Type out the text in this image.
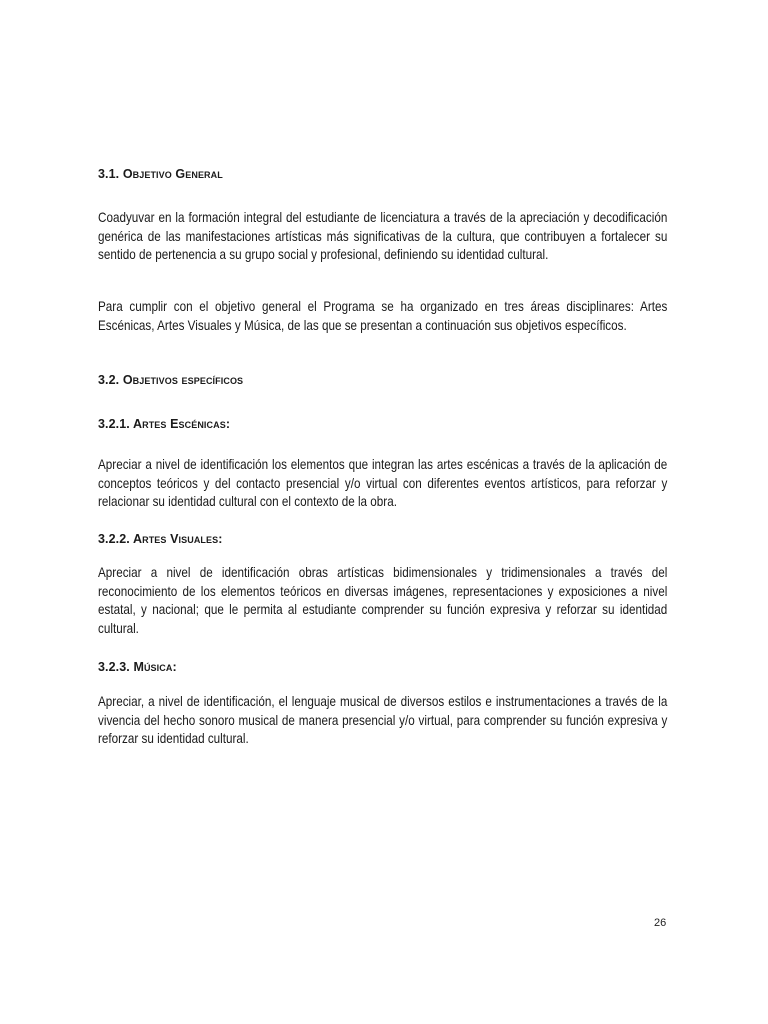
3.1. Objetivo General
Coadyuvar en la formación integral del estudiante de licenciatura a través de la apreciación y decodificación genérica de las manifestaciones artísticas más significativas de la cultura, que contribuyen a fortalecer su sentido de pertenencia a su grupo social y profesional, definiendo su identidad cultural.
Para cumplir con el objetivo general el Programa se ha organizado en tres áreas disciplinares: Artes Escénicas, Artes Visuales y Música, de las que se presentan a continuación sus objetivos específicos.
3.2. Objetivos específicos
3.2.1. Artes Escénicas:
Apreciar a nivel de identificación los elementos que integran las artes escénicas a través de la aplicación de conceptos teóricos y del contacto presencial y/o virtual con diferentes eventos artísticos, para reforzar y relacionar su identidad cultural con el contexto de la obra.
3.2.2. Artes Visuales:
Apreciar a nivel de identificación obras artísticas bidimensionales y tridimensionales a través del reconocimiento de los elementos teóricos en diversas imágenes, representaciones y exposiciones a nivel estatal, y nacional; que le permita al estudiante comprender su función expresiva y reforzar su identidad cultural.
3.2.3. Música:
Apreciar, a nivel de identificación, el lenguaje musical de diversos estilos e instrumentaciones a través de la vivencia del hecho sonoro musical de manera presencial y/o virtual, para comprender su función expresiva y reforzar su identidad cultural.
26
